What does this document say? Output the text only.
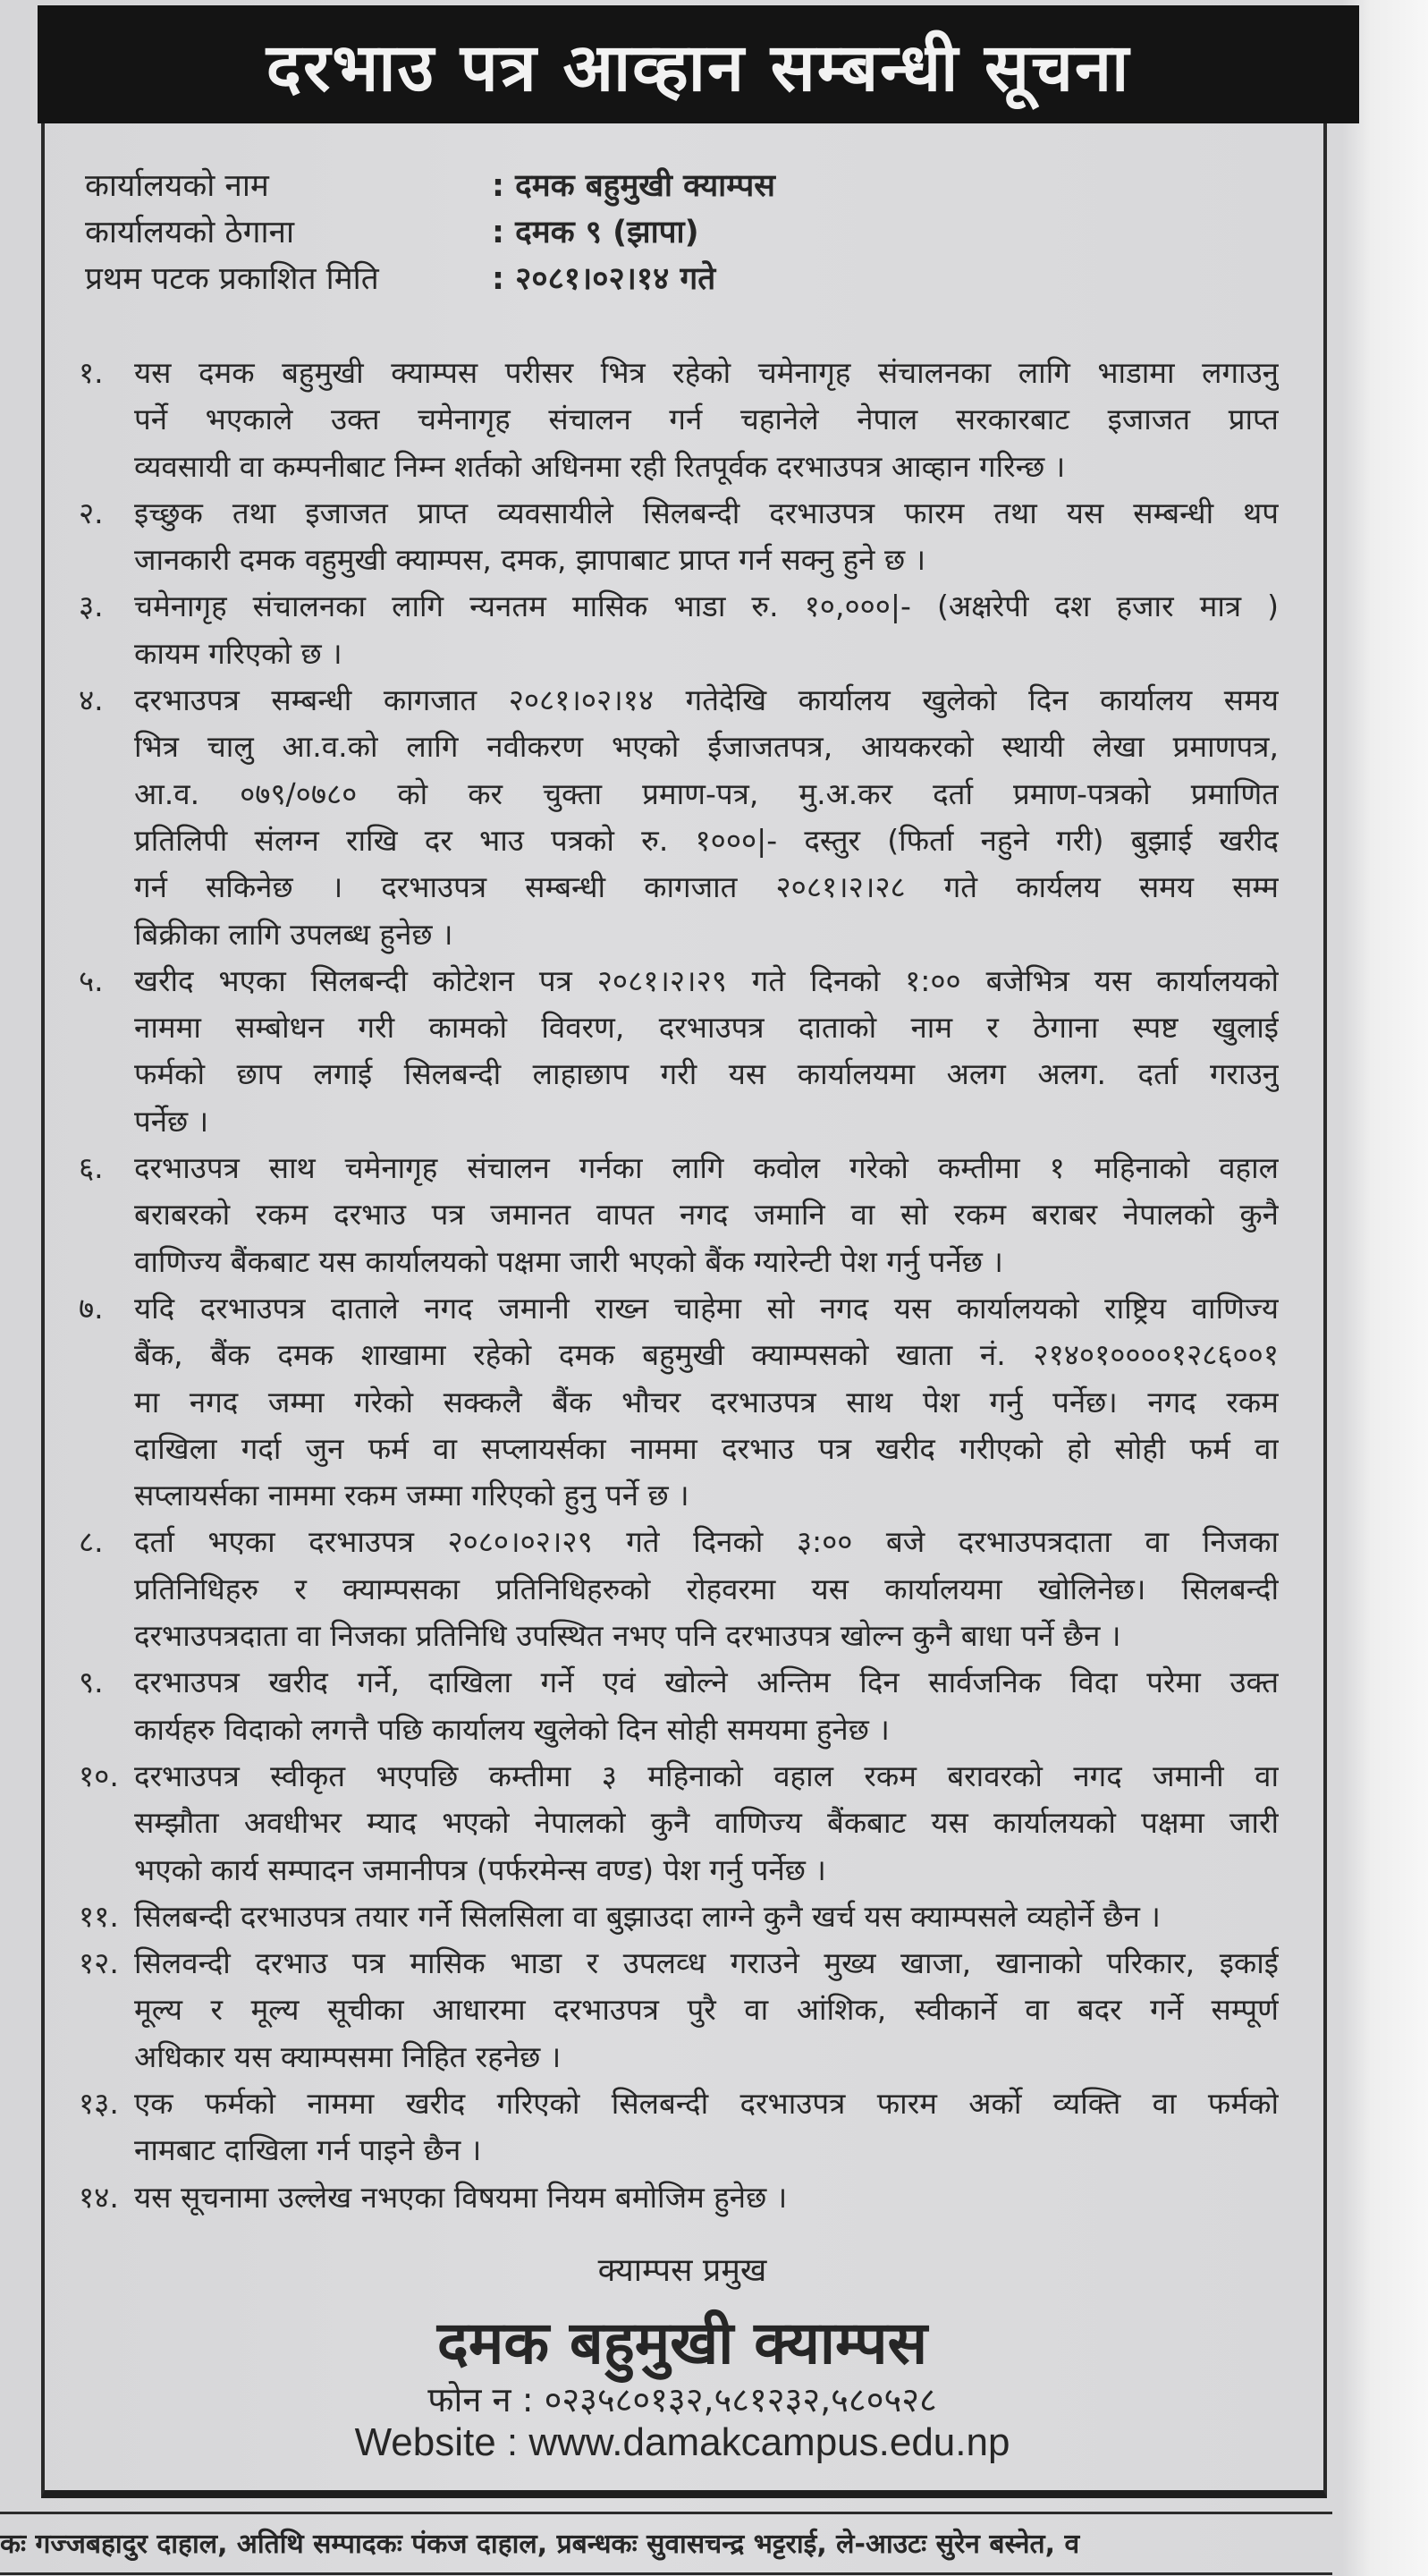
दरभाउ पत्र आव्हान सम्बन्धी सूचना
कार्यालयको नाम	: दमक बहुमुखी क्याम्पस
कार्यालयको ठेगाना	: दमक ९ (झापा)
प्रथम पटक प्रकाशित मिति	: २०८१।०२।१४ गते
१.	यस दमक बहुमुखी क्याम्पस परीसर भित्र रहेको चमेनागृह संचालनका लागि भाडामा लगाउनु
पर्ने भएकाले उक्त चमेनागृह संचालन गर्न चहानेले नेपाल सरकारबाट इजाजत प्राप्त
व्यवसायी वा कम्पनीबाट निम्न शर्तको अधिनमा रही रितपूर्वक दरभाउपत्र आव्हान गरिन्छ ।
२.	इच्छुक तथा इजाजत प्राप्त व्यवसायीले सिलबन्दी दरभाउपत्र फारम तथा यस सम्बन्धी थप
जानकारी दमक वहुमुखी क्याम्पस, दमक, झापाबाट प्राप्त गर्न सक्नु हुने छ ।
३.	चमेनागृह संचालनका लागि न्यनतम मासिक भाडा रु. १०,०००|- (अक्षरेपी दश हजार मात्र )
कायम गरिएको छ ।
४.	दरभाउपत्र सम्बन्धी कागजात २०८१।०२।१४ गतेदेखि कार्यालय खुलेको दिन कार्यालय समय
भित्र चालु आ.व.को लागि नवीकरण भएको ईजाजतपत्र, आयकरको स्थायी लेखा प्रमाणपत्र,
आ.व. ०७९/०७८० को कर चुक्ता प्रमाण-पत्र, मु.अ.कर दर्ता प्रमाण-पत्रको प्रमाणित
प्रतिलिपी संलग्न राखि दर भाउ पत्रको रु. १०००|- दस्तुर (फिर्ता नहुने गरी) बुझाई खरीद
गर्न सकिनेछ । दरभाउपत्र सम्बन्धी कागजात २०८१।२।२८ गते कार्यलय समय सम्म
बिक्रीका लागि उपलब्ध हुनेछ ।
५.	खरीद भएका सिलबन्दी कोटेशन पत्र २०८१।२।२९ गते दिनको १:०० बजेभित्र यस कार्यालयको
नाममा सम्बोधन गरी कामको विवरण, दरभाउपत्र दाताको नाम र ठेगाना स्पष्ट खुलाई
फर्मको छाप लगाई सिलबन्दी लाहाछाप गरी यस कार्यालयमा अलग अलग. दर्ता गराउनु
पर्नेछ ।
६.	दरभाउपत्र साथ चमेनागृह संचालन गर्नका लागि कवोल गरेको कम्तीमा १ महिनाको वहाल
बराबरको रकम दरभाउ पत्र जमानत वापत नगद जमानि वा सो रकम बराबर नेपालको कुनै
वाणिज्य बैंकबाट यस कार्यालयको पक्षमा जारी भएको बैंक ग्यारेन्टी पेश गर्नु पर्नेछ ।
७.	यदि दरभाउपत्र दाताले नगद जमानी राख्न चाहेमा सो नगद यस कार्यालयको राष्ट्रिय वाणिज्य
बैंक, बैंक दमक शाखामा रहेको दमक बहुमुखी क्याम्पसको खाता नं. २१४०१००००१२८६००१
मा नगद जम्मा गरेको सक्कलै बैंक भौचर दरभाउपत्र साथ पेश गर्नु पर्नेछ। नगद रकम
दाखिला गर्दा जुन फर्म वा सप्लायर्सका नाममा दरभाउ पत्र खरीद गरीएको हो सोही फर्म वा
सप्लायर्सका नाममा रकम जम्मा गरिएको हुनु पर्ने छ ।
८.	दर्ता भएका दरभाउपत्र २०८०।०२।२९ गते दिनको ३:०० बजे दरभाउपत्रदाता वा निजका
प्रतिनिधिहरु र क्याम्पसका प्रतिनिधिहरुको रोहवरमा यस कार्यालयमा खोलिनेछ। सिलबन्दी
दरभाउपत्रदाता वा निजका प्रतिनिधि उपस्थित नभए पनि दरभाउपत्र खोल्न कुनै बाधा पर्ने छैन ।
९.	दरभाउपत्र खरीद गर्ने, दाखिला गर्ने एवं खोल्ने अन्तिम दिन सार्वजनिक विदा परेमा उक्त
कार्यहरु विदाको लगत्तै पछि कार्यालय खुलेको दिन सोही समयमा हुनेछ ।
१०. दरभाउपत्र स्वीकृत भएपछि कम्तीमा ३ महिनाको वहाल रकम बरावरको नगद जमानी वा
सम्झौता अवधीभर म्याद भएको नेपालको कुनै वाणिज्य बैंकबाट यस कार्यालयको पक्षमा जारी
भएको कार्य सम्पादन जमानीपत्र (पर्फरमेन्स वण्ड) पेश गर्नु पर्नेछ ।
११. सिलबन्दी दरभाउपत्र तयार गर्ने सिलसिला वा बुझाउदा लाग्ने कुनै खर्च यस क्याम्पसले व्यहोर्ने छैन ।
१२. सिलवन्दी दरभाउ पत्र मासिक भाडा र उपलव्ध गराउने मुख्य खाजा, खानाको परिकार, इकाई
मूल्य र मूल्य सूचीका आधारमा दरभाउपत्र पुरै वा आंशिक, स्वीकार्ने वा बदर गर्ने सम्पूर्ण
अधिकार यस क्याम्पसमा निहित रहनेछ ।
१३. एक फर्मको नाममा खरीद गरिएको सिलबन्दी दरभाउपत्र फारम अर्को व्यक्ति वा फर्मको
नामबाट दाखिला गर्न पाइने छैन ।
१४. यस सूचनामा उल्लेख नभएका विषयमा नियम बमोजिम हुनेछ ।
क्याम्पस प्रमुख
दमक बहुमुखी क्याम्पस
फोन न : ०२३५८०१३२,५८१२३२,५८०५२८
Website : www.damakcampus.edu.np
कः गज्जबहादुर दाहाल, अतिथि सम्पादकः पंकज दाहाल, प्रबन्धकः सुवासचन्द्र भट्टराई, ले-आउटः सुरेन बस्नेत, व
